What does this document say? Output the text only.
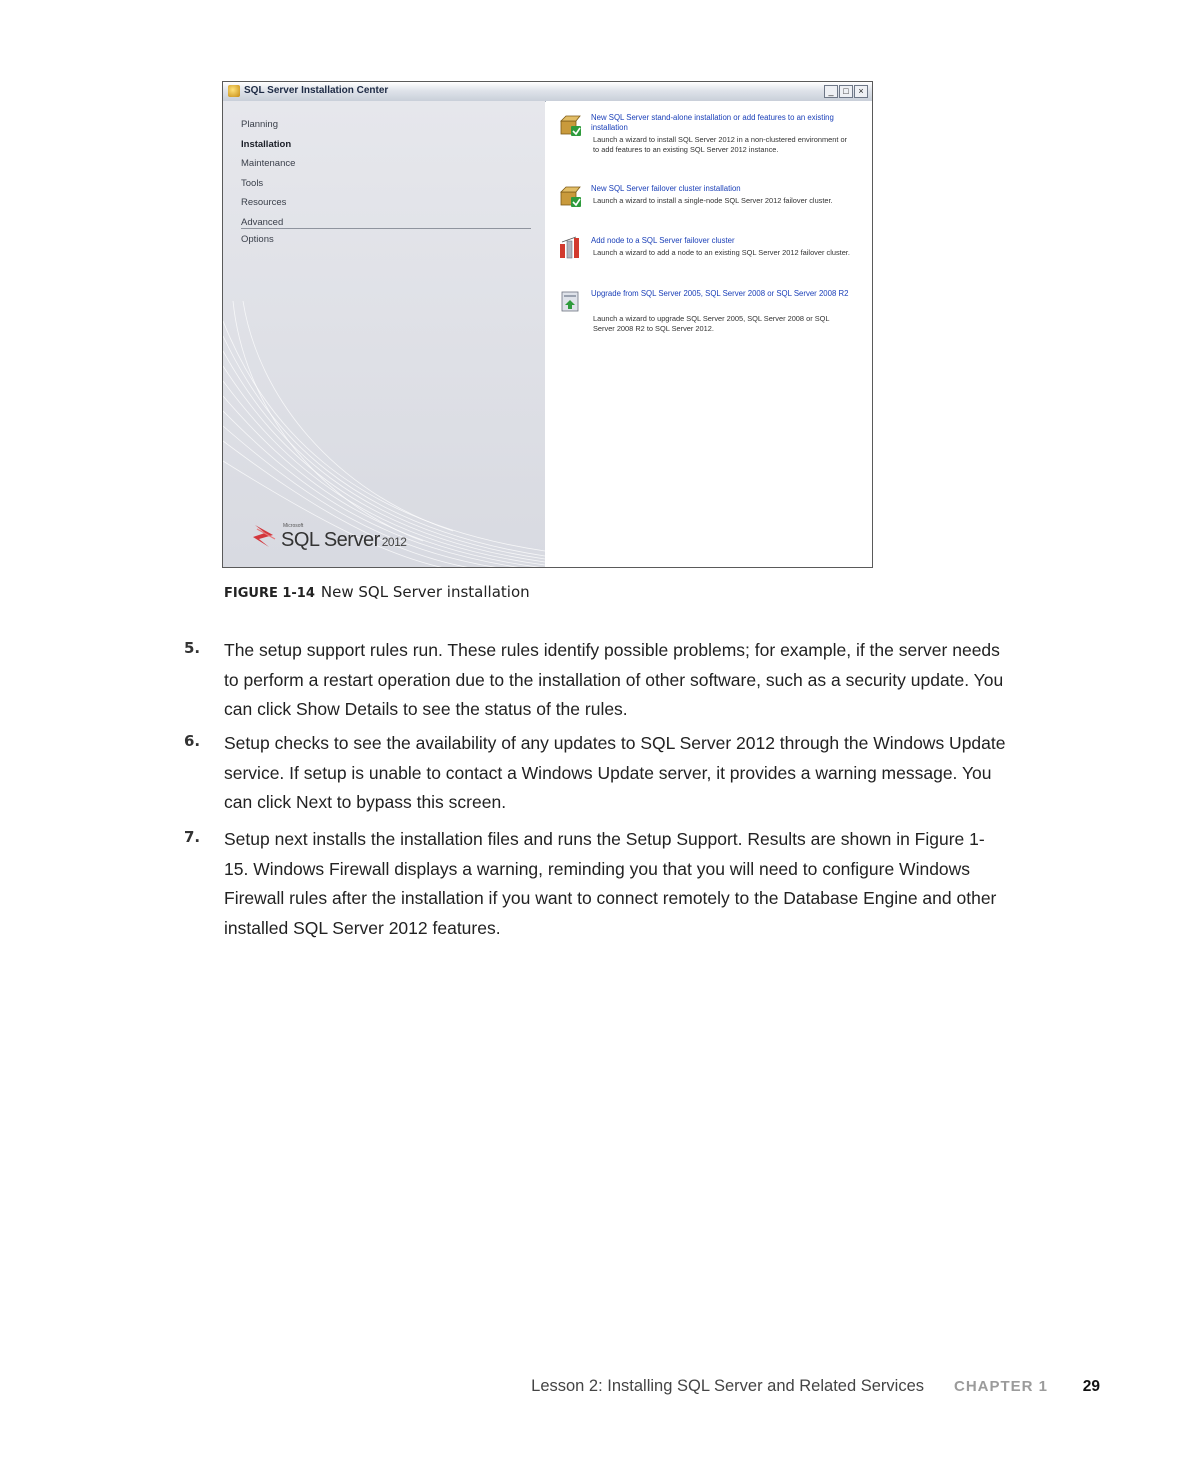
SQL Server Installation Center	_	□	×
Planning
Installation
Maintenance
Tools
Resources
Advanced
Options
Microsoft
SQL Server 2012
New SQL Server stand-alone installation or add features to an existing installation
Launch a wizard to install SQL Server 2012 in a non-clustered environment or to add features to an existing SQL Server 2012 instance.
New SQL Server failover cluster installation
Launch a wizard to install a single-node SQL Server 2012 failover cluster.
Add node to a SQL Server failover cluster
Launch a wizard to add a node to an existing SQL Server 2012 failover cluster.
Upgrade from SQL Server 2005, SQL Server 2008 or SQL Server 2008 R2
Launch a wizard to upgrade SQL Server 2005, SQL Server 2008 or SQL Server 2008 R2 to SQL Server 2012.
FIGURE 1-14 New SQL Server installation
5. The setup support rules run. These rules identify possible problems; for example, if the server needs to perform a restart operation due to the installation of other software, such as a security update. You can click Show Details to see the status of the rules.
6. Setup checks to see the availability of any updates to SQL Server 2012 through the Windows Update service. If setup is unable to contact a Windows Update server, it provides a warning message. You can click Next to bypass this screen.
7. Setup next installs the installation files and runs the Setup Support. Results are shown in Figure 1-15. Windows Firewall displays a warning, reminding you that you will need to configure Windows Firewall rules after the installation if you want to connect remotely to the Database Engine and other installed SQL Server 2012 features.
Lesson 2: Installing SQL Server and Related Services CHAPTER 1 29
